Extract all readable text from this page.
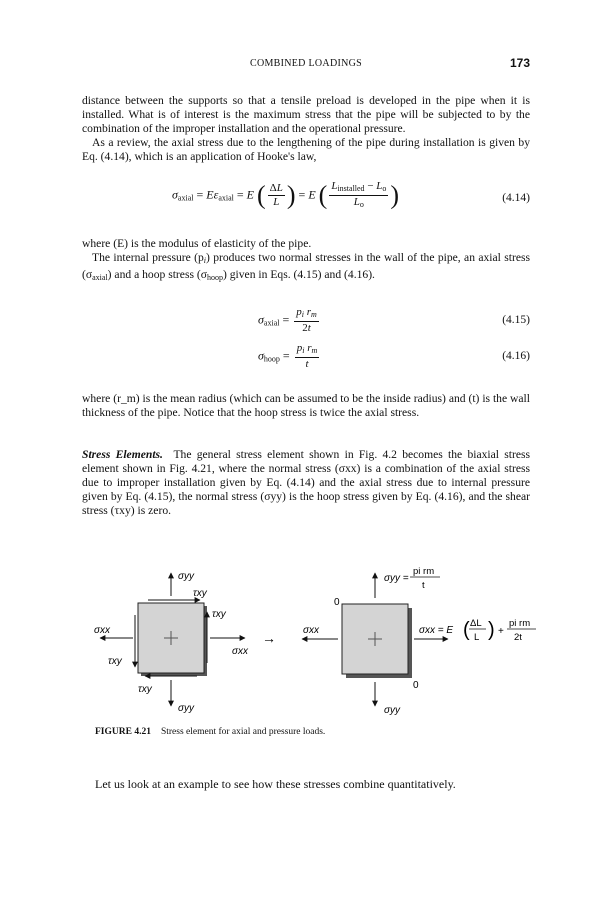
COMBINED LOADINGS	173
distance between the supports so that a tensile preload is developed in the pipe when it is installed. What is of interest is the maximum stress that the pipe will be subjected to by the combination of the improper installation and the operational pressure.
As a review, the axial stress due to the lengthening of the pipe during installation is given by Eq. (4.14), which is an application of Hooke's law,
$\sigma_{axial} = E\varepsilon_{axial} = E$ ( $\frac{\Delta L}{L}$ ) = E ( $\frac{L_{installed} - L_o}{L_o}$ )	(4.14)
where (E) is the modulus of elasticity of the pipe.
The internal pressure $(p_i)$ produces two normal stresses in the wall of the pipe, an axial stress $(\sigma_{axial})$ and a hoop stress $(\sigma_{hoop})$ given in Eqs. (4.15) and (4.16).
$\sigma_{axial} = \frac{p_i r_m}{2t}$	(4.15)
$\sigma_{hoop} = \frac{p_i r_m}{t}$	(4.16)
where (r_m) is the mean radius (which can be assumed to be the inside radius) and (t) is the wall thickness of the pipe. Notice that the hoop stress is twice the axial stress.
Stress Elements. The general stress element shown in Fig. 4.2 becomes the biaxial stress element shown in Fig. 4.21, where the normal stress (σxx) is a combination of the axial stress due to improper installation given by Eq. (4.14) and the axial stress due to internal pressure given by Eq. (4.15), the normal stress (σyy) is the hoop stress given by Eq. (4.16), and the shear stress (τxy) is zero.
σyy
σyy
σxx
σxx
τxy
τxy
τxy
τxy
→
0
0
σyy
σxx
σyy =
pi rm
t
σxx = E ( ΔL
L ) +
pi rm
2t
FIGURE 4.21 Stress element for axial and pressure loads.
Let us look at an example to see how these stresses combine quantitatively.
